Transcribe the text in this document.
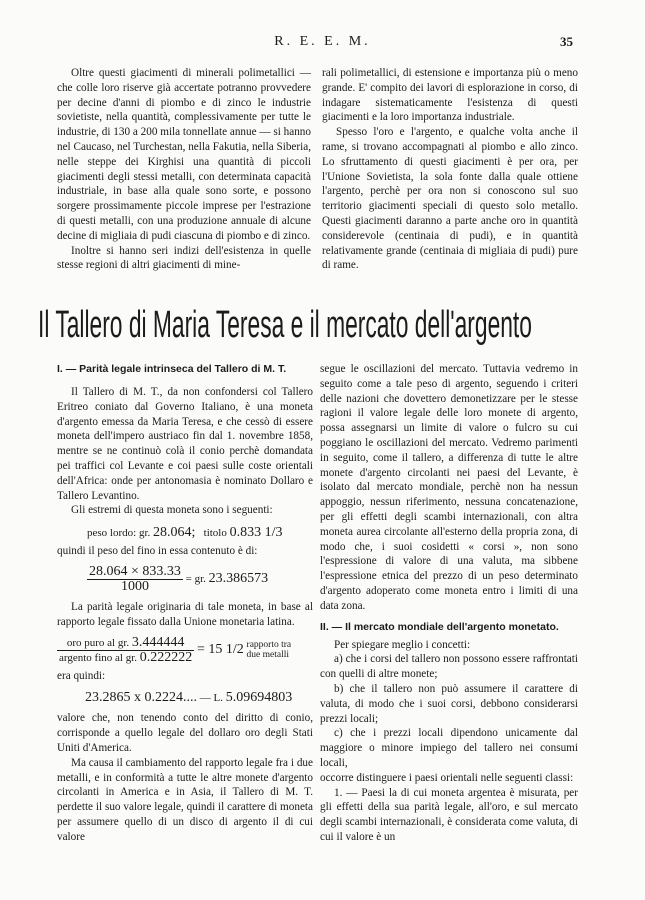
R. E. E. M.	35

Oltre questi giacimenti di minerali polimetallici — che colle loro riserve già accertate potranno provvedere per decine d'anni di piombo e di zinco le industrie sovietiste, nella quantità, complessivamente per tutte le industrie, di 130 a 200 mila tonnellate annue — si hanno nel Caucaso, nel Turchestan, nella Fakutia, nella Siberia, nelle steppe dei Kirghisi una quantità di piccoli giacimenti degli stessi metalli, con determinata capacità industriale, in base alla quale sono sorte, e possono sorgere prossimamente piccole imprese per l'estrazione di questi metalli, con una produzione annuale di alcune decine di migliaia di pudi ciascuna di piombo e di zinco.

Inoltre si hanno seri indizi dell'esistenza in quelle stesse regioni di altri giacimenti di mine-

rali polimetallici, di estensione e importanza più o meno grande. E' compito dei lavori di esplorazione in corso, di indagare sistematicamente l'esistenza di questi giacimenti e la loro importanza industriale.

Spesso l'oro e l'argento, e qualche volta anche il rame, si trovano accompagnati al piombo e allo zinco. Lo sfruttamento di questi giacimenti è per ora, per l'Unione Sovietista, la sola fonte dalla quale ottiene l'argento, perchè per ora non si conoscono sul suo territorio giacimenti speciali di questo solo metallo. Questi giacimenti daranno a parte anche oro in quantità considerevole (centinaia di pudi), e in quantità relativamente grande (centinaia di migliaia di pudi) pure di rame.

Il Tallero di Maria Teresa e il mercato dell'argento
I. — Parità legale intrinseca del Tallero di M. T.

Il Tallero di M. T., da non confondersi col Tallero Eritreo coniato dal Governo Italiano, è una moneta d'argento emessa da Maria Teresa, e che cessò di essere moneta dell'impero austriaco fin dal 1. novembre 1858, mentre se ne continuò colà il conio perchè domandata pei traffici col Levante e coi paesi sulle coste orientali dell'Africa: onde per antonomasia è nominato Dollaro e Tallero Levantino.

Gli estremi di questa moneta sono i seguenti:

peso lordo: gr. 28.064; titolo 0.833 1/3

quindi il peso del fino in essa contenuto è di:

$\frac{28.064 \times 833.33}{1000}$ = gr. 23.386573

La parità legale originaria di tale moneta, in base al rapporto legale fissato dalla Unione monetaria latina.

$\frac{\text{oro puro al gr. 3.444444}}{\text{argento fino al gr. 0.222222}} = 15$ 1/2 rapporto tra due metalli

era quindi:

23.2865 x 0.2224.... — L. 5.09694803

valore che, non tenendo conto del diritto di conio, corrisponde a quello legale del dollaro oro degli Stati Uniti d'America.

Ma causa il cambiamento del rapporto legale fra i due metalli, e in conformità a tutte le altre monete d'argento circolanti in America e in Asia, il Tallero di M. T. perdette il suo valore legale, quindi il carattere di moneta per assumere quello di un disco di argento il di cui valore

segue le oscillazioni del mercato. Tuttavia vedremo in seguito come a tale peso di argento, seguendo i criteri delle nazioni che dovettero demonetizzare per le stesse ragioni il valore legale delle loro monete di argento, possa assegnarsi un limite di valore o fulcro su cui poggiano le oscillazioni del mercato. Vedremo parimenti in seguito, come il tallero, a differenza di tutte le altre monete d'argento circolanti nei paesi del Levante, è isolato dal mercato mondiale, perchè non ha nessun appoggio, nessun riferimento, nessuna concatenazione, per gli effetti degli scambi internazionali, con altra moneta aurea circolante all'esterno della propria zona, di modo che, i suoi cosidetti « corsi », non sono l'espressione di valore di una valuta, ma sibbene l'espressione etnica del prezzo di un peso determinato d'argento adoperato come moneta entro i limiti di una data zona.

II. — Il mercato mondiale dell'argento monetato.

Per spiegare meglio i concetti:

a) che i corsi del tallero non possono essere raffrontati con quelli di altre monete;

b) che il tallero non può assumere il carattere di valuta, di modo che i suoi corsi, debbono considerarsi prezzi locali;

c) che i prezzi locali dipendono unicamente dal maggiore o minore impiego del tallero nei consumi locali,

occorre distinguere i paesi orientali nelle seguenti classi:

1. — Paesi la di cui moneta argentea è misurata, per gli effetti della sua parità legale, all'oro, e sul mercato degli scambi internazionali, è considerata come valuta, di cui il valore è un
